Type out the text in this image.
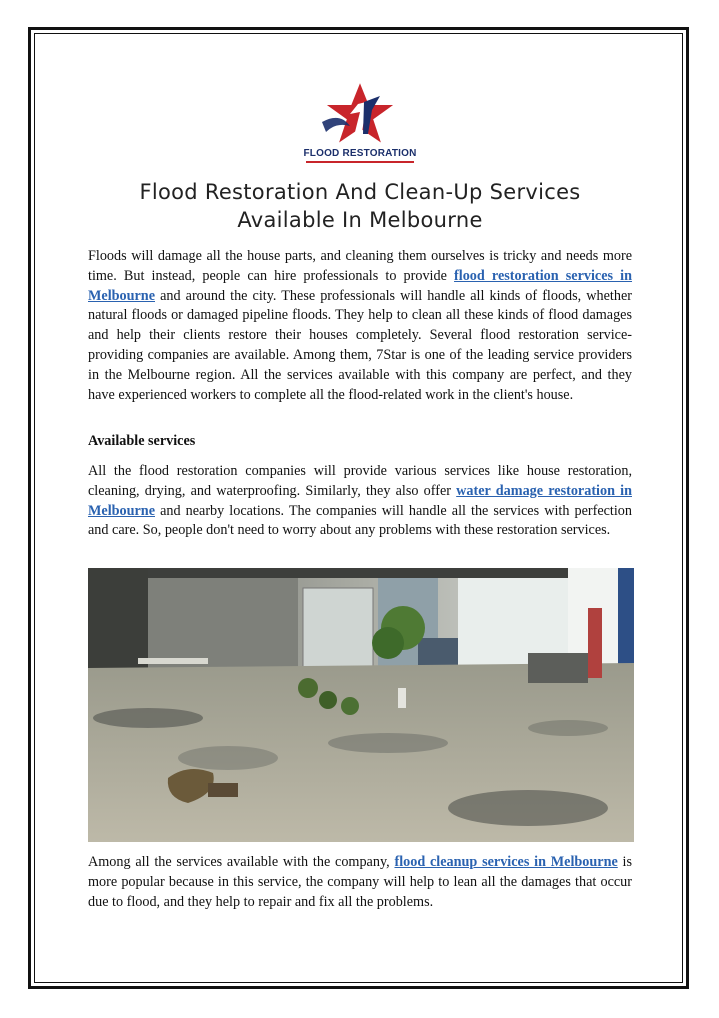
FLOOD RESTORATION
Flood Restoration And Clean-Up Services
Available In Melbourne

Floods will damage all the house parts, and cleaning them ourselves is tricky and needs more time. But instead, people can hire professionals to provide flood restoration services in Melbourne and around the city. These professionals will handle all kinds of floods, whether natural floods or damaged pipeline floods. They help to clean all these kinds of flood damages and help their clients restore their houses completely. Several flood restoration service-providing companies are available. Among them, 7Star is one of the leading service providers in the Melbourne region. All the services available with this company are perfect, and they have experienced workers to complete all the flood-related work in the client's house.

Available services

All the flood restoration companies will provide various services like house restoration, cleaning, drying, and waterproofing. Similarly, they also offer water damage restoration in Melbourne and nearby locations. The companies will handle all the services with perfection and care. So, people don't need to worry about any problems with these restoration services.

Among all the services available with the company, flood cleanup services in Melbourne is more popular because in this service, the company will help to lean all the damages that occur due to flood, and they help to repair and fix all the problems.
